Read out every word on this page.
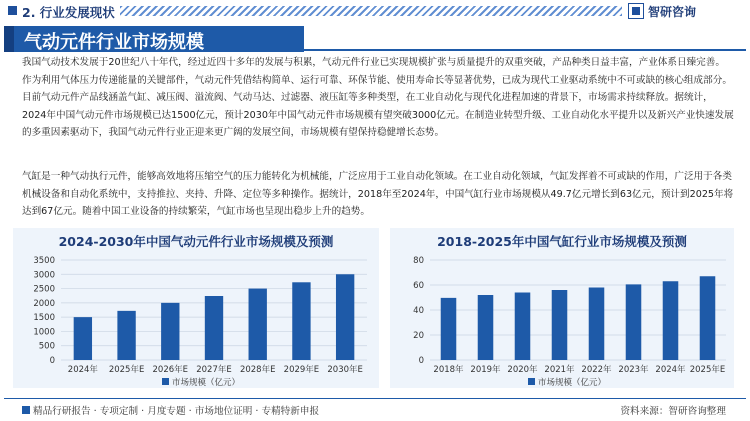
2. 行业发展现状	智研咨询
气动元件行业市场规模
我国气动技术发展于20世纪八十年代，经过近四十多年的发展与积累，气动元件行业已实现规模扩张与质量提升的双重突破，产品种类日益丰富，产业体系日臻完善。作为利用气体压力传递能量的关键部件，气动元件凭借结构简单、运行可靠、环保节能、使用寿命长等显著优势，已成为现代工业驱动系统中不可或缺的核心组成部分。目前气动元件产品线涵盖气缸、减压阀、溢流阀、气动马达、过滤器、液压缸等多种类型，在工业自动化与现代化进程加速的背景下，市场需求持续释放。据统计，2024年中国气动元件市场规模已达1500亿元，预计2030年中国气动元件市场规模有望突破3000亿元。在制造业转型升级、工业自动化水平提升以及新兴产业快速发展的多重因素驱动下，我国气动元件行业正迎来更广阔的发展空间，市场规模有望保持稳健增长态势。
气缸是一种气动执行元件，能够高效地将压缩空气的压力能转化为机械能，广泛应用于工业自动化领域。在工业自动化领域，气缸发挥着不可或缺的作用，广泛用于各类机械设备和自动化系统中，支持推拉、夹持、升降、定位等多种操作。据统计，2018年至2024年，中国气缸行业市场规模从49.7亿元增长到63亿元，预计到2025年将达到67亿元。随着中国工业设备的持续繁荣，气缸市场也呈现出稳步上升的趋势。
2024-2030年中国气动元件行业市场规模及预测
0
500
1000
1500
2000
2500
3000
3500
2024年 2025年E 2026年E 2027年E 2028年E 2029年E 2030年E
市场规模（亿元）
2018-2025年中国气缸行业市场规模及预测
0
20
40
60
80
2018年 2019年 2020年 2021年 2022年 2023年 2024年 2025年E
市场规模（亿元）
精品行研报告 · 专项定制 · 月度专题 · 市场地位证明 · 专精特新申报	资料来源：智研咨询整理
